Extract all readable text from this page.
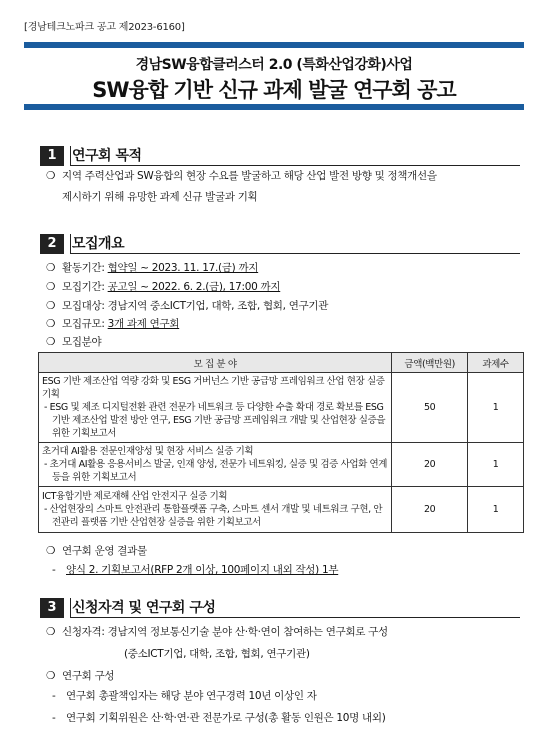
[경남테크노파크 공고 제2023-6160]
경남SW융합클러스터 2.0 (특화산업강화)사업
SW융합 기반 신규 과제 발굴 연구회 공고
1	연구회 목적
❍ 지역 주력산업과 SW융합의 현장 수요를 발굴하고 해당 산업 발전 방향 및 정책개선을
제시하기 위해 유망한 과제 신규 발굴과 기획
2	모집개요
❍ 활동기간: 협약일 ~ 2023. 11. 17.(금) 까지
❍ 모집기간: 공고일 ~ 2022. 6. 2.(금), 17:00 까지
❍ 모집대상: 경남지역 중소ICT기업, 대학, 조합, 협회, 연구기관
❍ 모집규모: 3개 과제 연구회
❍ 모집분야
모 집 분 야	금액(백만원)	과제수

ESG 기반 제조산업 역량 강화 및 ESG 거버넌스 기반 공급망 프레임워크 산업 현장 실증 기획
- ESG 및 제조 디지털전환 관련 전문가 네트워크 등 다양한 수출 확대 경로 확보를 ESG 기반 제조산업 발전 방안 연구, ESG 기반 공급망 프레임워크 개발 및 산업현장 실증을 위한 기획보고서	50	1

초거대 AI활용 전문인재양성 및 현장 서비스 실증 기획
- 초거대 AI활용 응용서비스 발굴, 인재 양성, 전문가 네트워킹, 실증 및 검증 사업화 연계 등을 위한 기획보고서	20	1

ICT융합기반 제로재해 산업 안전지구 실증 기획
- 산업현장의 스마트 안전관리 통합플랫폼 구축, 스마트 센서 개발 및 네트워크 구현, 안전관리 플랫폼 기반 산업현장 실증을 위한 기획보고서	20	1
❍ 연구회 운영 결과물
- 양식 2. 기획보고서(RFP 2개 이상, 100페이지 내외 작성) 1부
3	신청자격 및 연구회 구성
❍ 신청자격: 경남지역 정보통신기술 분야 산·학·연이 참여하는 연구회로 구성
(중소ICT기업, 대학, 조합, 협회, 연구기관)
❍ 연구회 구성
- 연구회 총괄책임자는 해당 분야 연구경력 10년 이상인 자
- 연구회 기획위원은 산·학·연·관 전문가로 구성(총 활동 인원은 10명 내외)
